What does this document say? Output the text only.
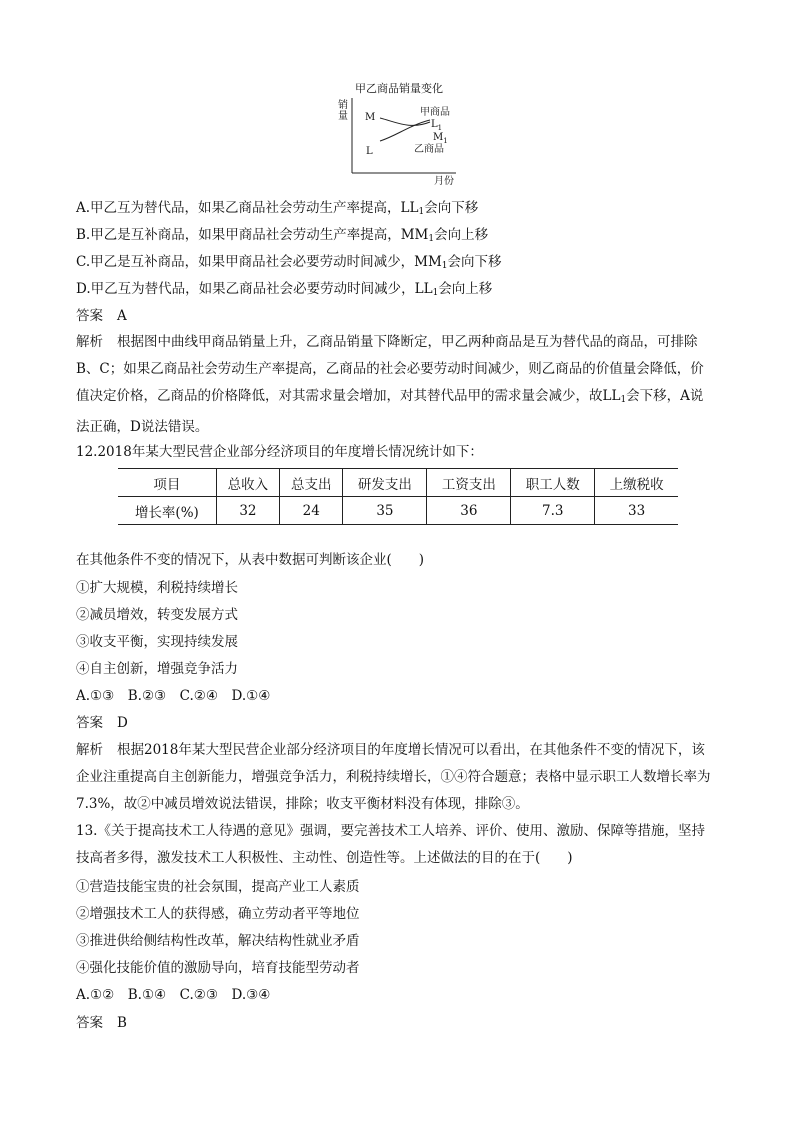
甲乙商品销量变化
销量
月份
M
L
甲商品
$L_1$
$M_1$
乙商品
A.甲乙互为替代品，如果乙商品社会劳动生产率提高，$LL_1$会向下移
B.甲乙是互补商品，如果甲商品社会劳动生产率提高，$MM_1$会向上移
C.甲乙是互补商品，如果甲商品社会必要劳动时间减少，$MM_1$会向下移
D.甲乙互为替代品，如果乙商品社会必要劳动时间减少，$LL_1$会向上移
答案 A
解析 根据图中曲线甲商品销量上升，乙商品销量下降断定，甲乙两种商品是互为替代品的商品，可排除B、C；如果乙商品社会劳动生产率提高，乙商品的社会必要劳动时间减少，则乙商品的价值量会降低，价值决定价格，乙商品的价格降低，对其需求量会增加，对其替代品甲的需求量会减少，故$LL_1$会下移，A说法正确，D说法错误。
12.2018年某大型民营企业部分经济项目的年度增长情况统计如下：
项目	总收入	总支出	研发支出	工资支出	职工人数	上缴税收
增长率(%)	32	24	35	36	7.3	33
在其他条件不变的情况下，从表中数据可判断该企业(　　)
①扩大规模，利税持续增长
②减员增效，转变发展方式
③收支平衡，实现持续发展
④自主创新，增强竞争活力
A.①③　B.②③　C.②④　D.①④
答案 D
解析 根据2018年某大型民营企业部分经济项目的年度增长情况可以看出，在其他条件不变的情况下，该企业注重提高自主创新能力，增强竞争活力，利税持续增长，①④符合题意；表格中显示职工人数增长率为7.3%，故②中减员增效说法错误，排除；收支平衡材料没有体现，排除③。
13.《关于提高技术工人待遇的意见》强调，要完善技术工人培养、评价、使用、激励、保障等措施，坚持技高者多得，激发技术工人积极性、主动性、创造性等。上述做法的目的在于(　　)
①营造技能宝贵的社会氛围，提高产业工人素质
②增强技术工人的获得感，确立劳动者平等地位
③推进供给侧结构性改革，解决结构性就业矛盾
④强化技能价值的激励导向，培育技能型劳动者
A.①②　B.①④　C.②③　D.③④
答案 B
